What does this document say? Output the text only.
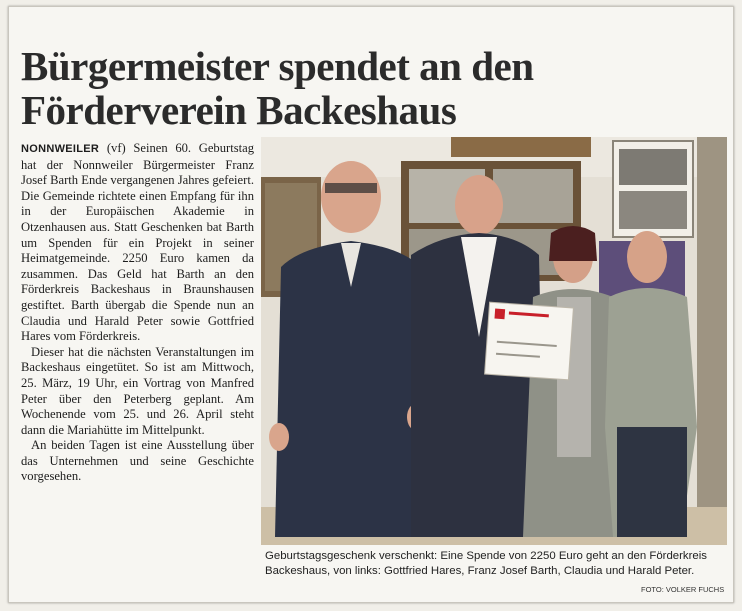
Bürgermeister spendet an den
Förderverein Backeshaus

NONNWEILER (vf) Seinen 60. Geburtstag hat der Nonnweiler Bürgermeister Franz Josef Barth Ende vergangenen Jahres gefeiert. Die Gemeinde richtete einen Empfang für ihn in der Europäischen Akademie in Otzenhausen aus. Statt Geschenken bat Barth um Spenden für ein Projekt in seiner Heimatgemeinde. 2250 Euro kamen da zusammen. Das Geld hat Barth an den Förderkreis Backeshaus in Braunshausen gestiftet. Barth übergab die Spende nun an Claudia und Harald Peter sowie Gottfried Hares vom Förderkreis.

Dieser hat die nächsten Veranstaltungen im Backeshaus eingetütet. So ist am Mittwoch, 25. März, 19 Uhr, ein Vortrag von Manfred Peter über den Peterberg geplant. Am Wochenende vom 25. und 26. April steht dann die Mariahütte im Mittelpunkt.

An beiden Tagen ist eine Ausstellung über das Unternehmen und seine Geschichte vorgesehen.

Geburtstagsgeschenk verschenkt: Eine Spende von 2250 Euro geht an den Förderkreis Backeshaus, von links: Gottfried Hares, Franz Josef Barth, Claudia und Harald Peter.
FOTO: VOLKER FUCHS
